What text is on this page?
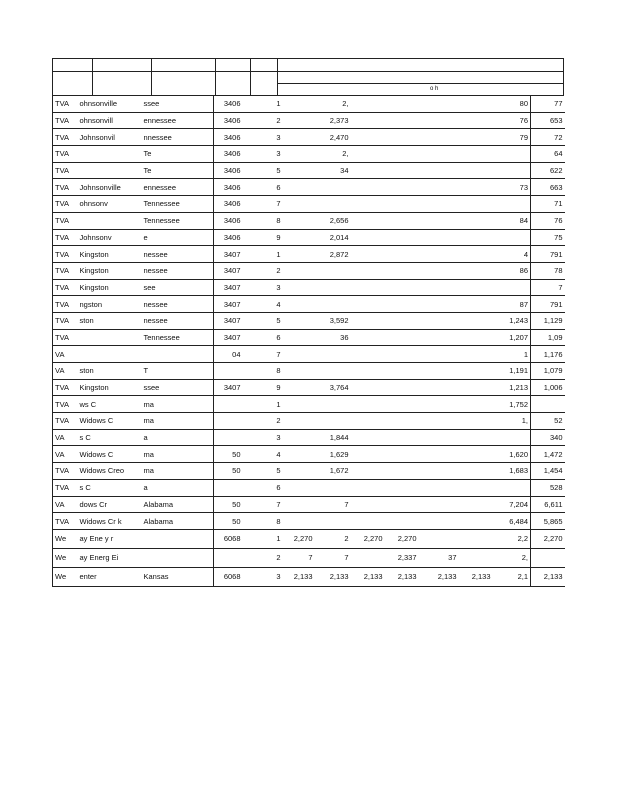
o h
TVA	ohnsonville	ssee	3406	1		2,					80	77
TVA	ohnsonvill	ennessee	3406	2		2,373					76	653
TVA	Johnsonvil	nnessee	3406	3		2,470					79	72
TVA		Te	3406	3		2,						64
TVA		Te	3406	5		34						622
TVA	Johnsonville	ennessee	3406	6							73	663
TVA	ohnsonv	Tennessee	3406	7								71
TVA		Tennessee	3406	8		2,656					84	76
TVA	Johnsonv	e	3406	9		2,014						75
TVA	Kingston	nessee	3407	1		2,872					4	791
TVA	Kingston	nessee	3407	2							86	78
TVA	Kingston	see	3407	3								7
TVA	ngston	nessee	3407	4							87	791
TVA	ston	nessee	3407	5		3,592					1,243	1,129
TVA		Tennessee	3407	6		36					1,207	1,09
VA			04	7							1	1,176
VA	ston	T		8							1,191	1,079
TVA	Kingston	ssee	3407	9		3,764					1,213	1,006
TVA	ws C	ma		1							1,752	
TVA	Widows C	ma		2							1,	52
VA	s C	a		3		1,844						340
VA	Widows C	ma	50	4		1,629					1,620	1,472
TVA	Widows Creo	ma	50	5		1,672					1,683	1,454
TVA	s C	a		6								528
VA	dows Cr	Alabama	50	7		7					7,204	6,611
TVA	Widows Cr k	Alabama	50	8							6,484	5,865
We	ay Ene y r		6068	1	2,270	2	2,270	2,270			2,2	2,270
We	ay Energ Ei			2	7	7		2,337	37		2,	
We	enter	Kansas	6068	3	2,133	2,133	2,133	2,133	2,133	2,133	2,1	2,133
